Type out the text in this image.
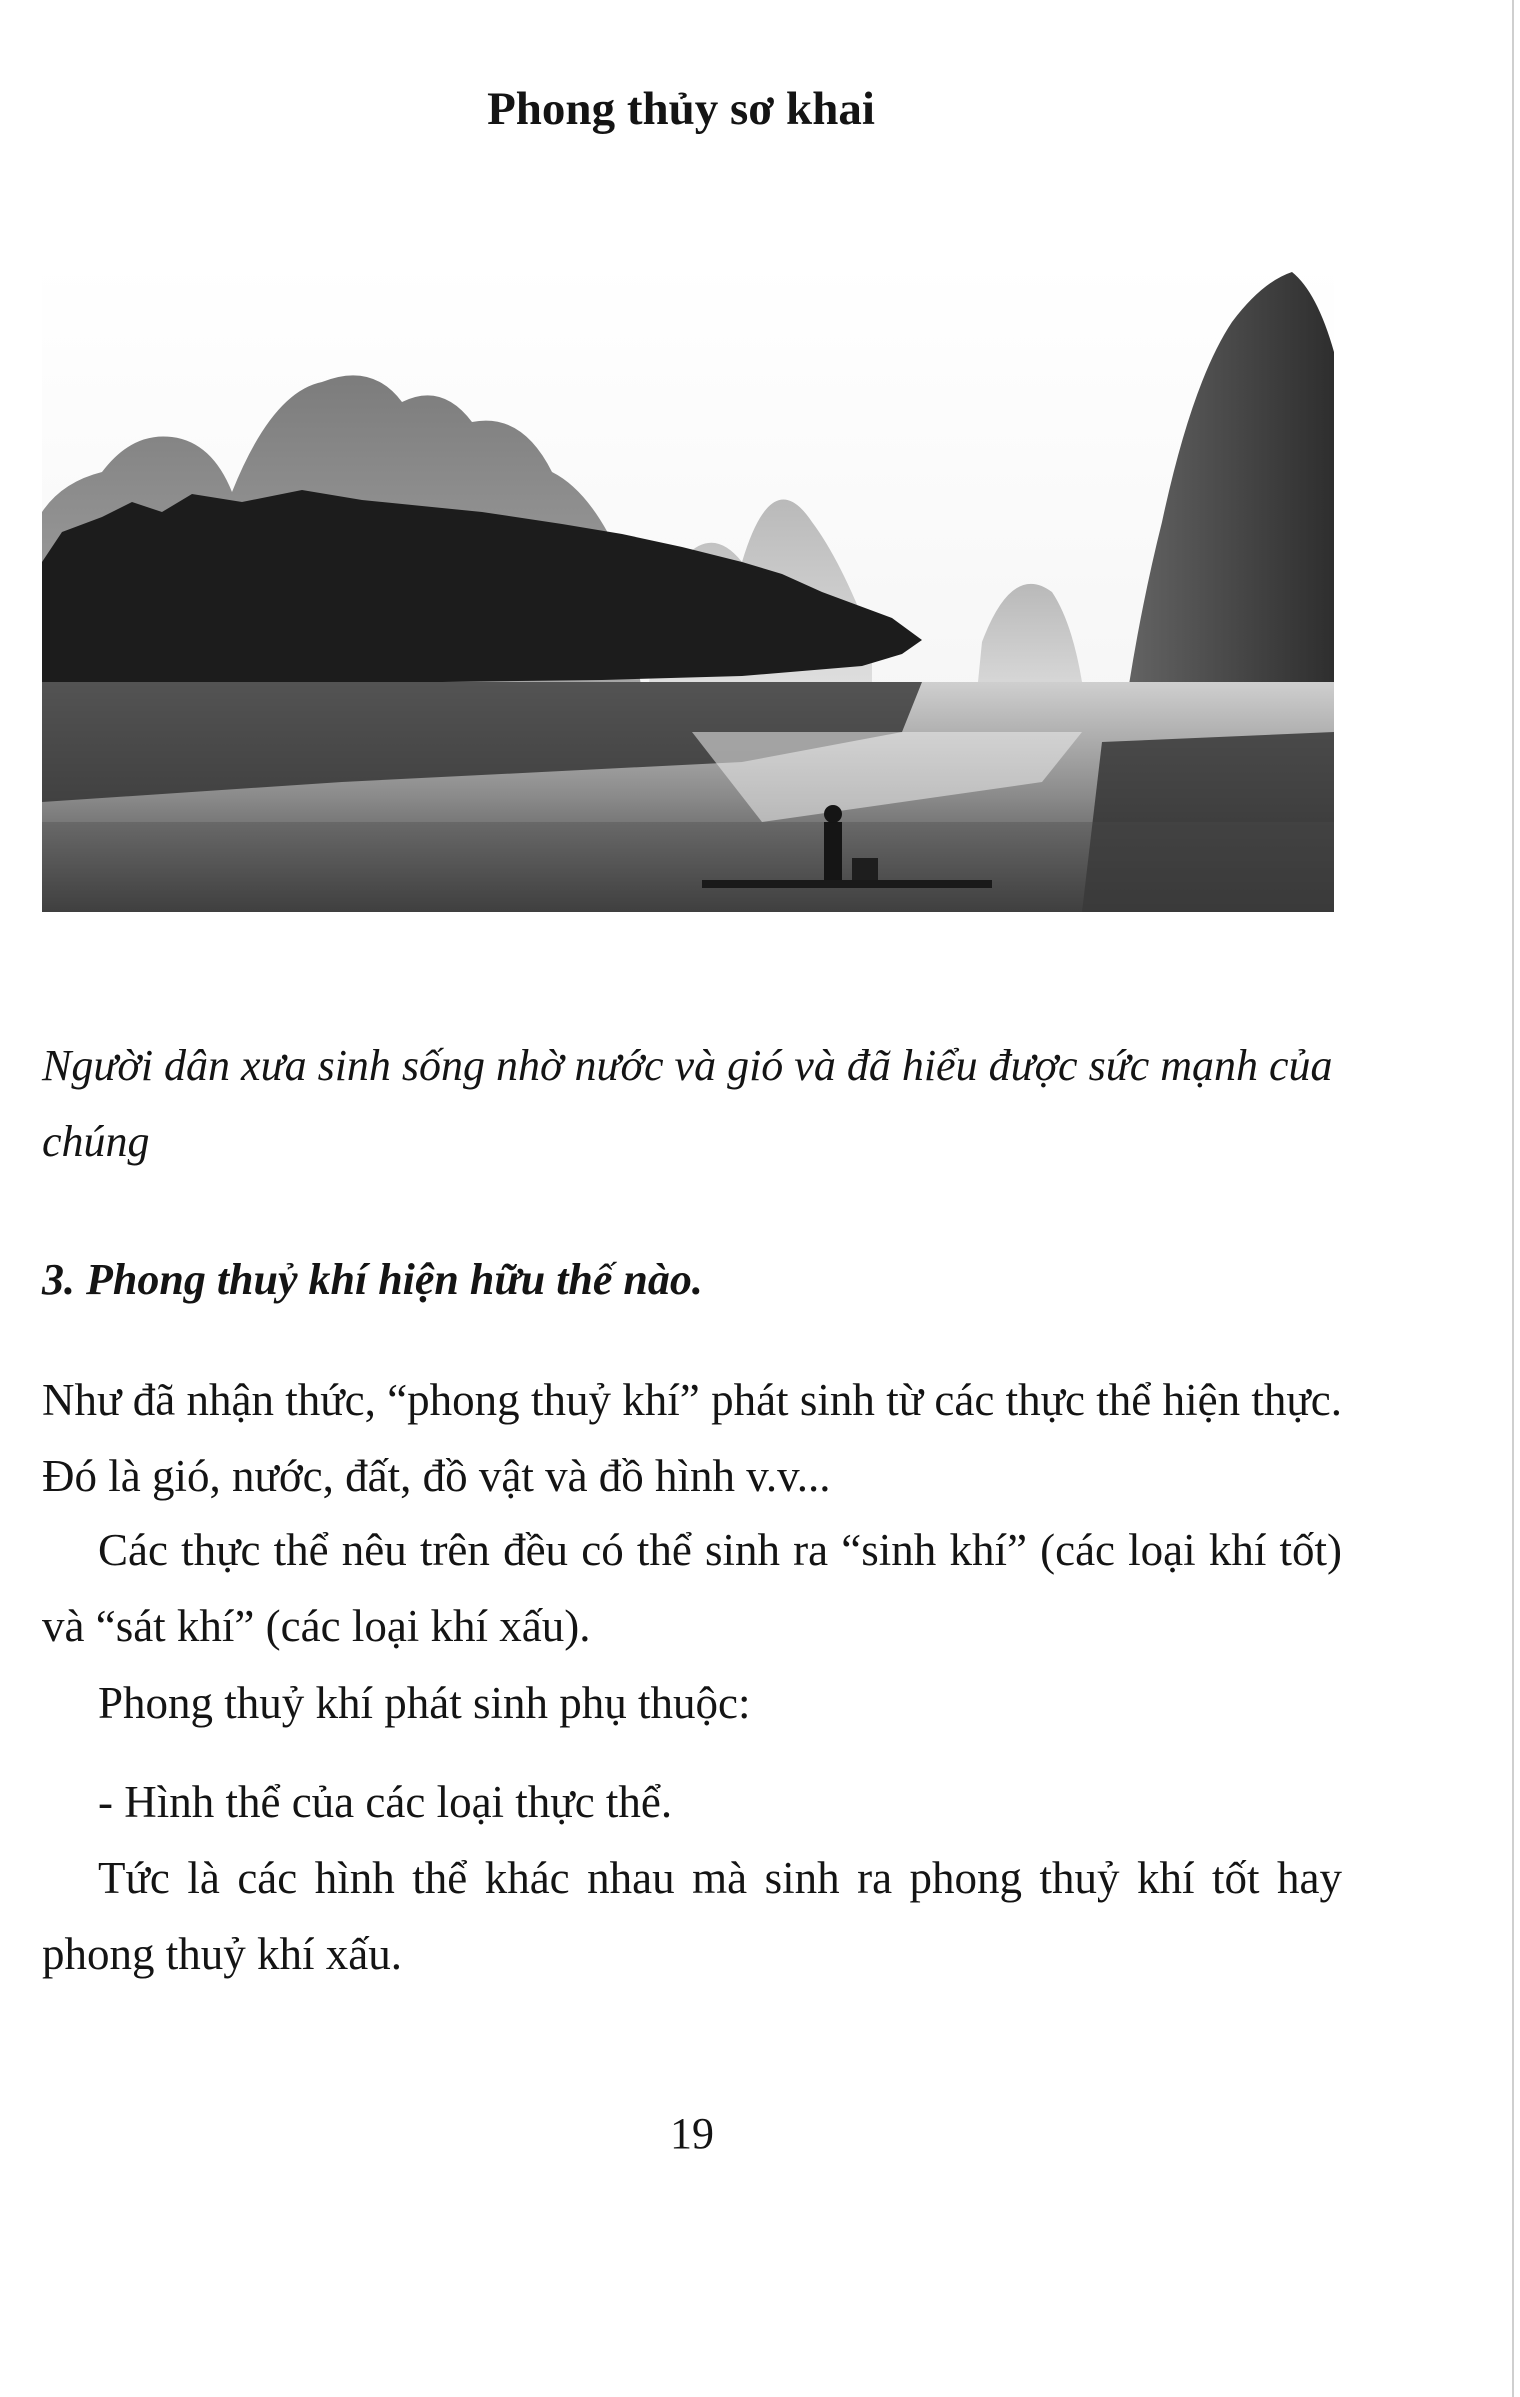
Phong thủy sơ khai
Người dân xưa sinh sống nhờ nước và gió và đã hiểu được sức mạnh của chúng
3. Phong thuỷ khí hiện hữu thế nào.
Như đã nhận thức, “phong thuỷ khí” phát sinh từ các thực thể hiện thực. Đó là gió, nước, đất, đồ vật và đồ hình v.v...
Các thực thể nêu trên đều có thể sinh ra “sinh khí” (các loại khí tốt) và “sát khí” (các loại khí xấu).
Phong thuỷ khí phát sinh phụ thuộc:
- Hình thể của các loại thực thể.
Tức là các hình thể khác nhau mà sinh ra phong thuỷ khí tốt hay phong thuỷ khí xấu.
19
